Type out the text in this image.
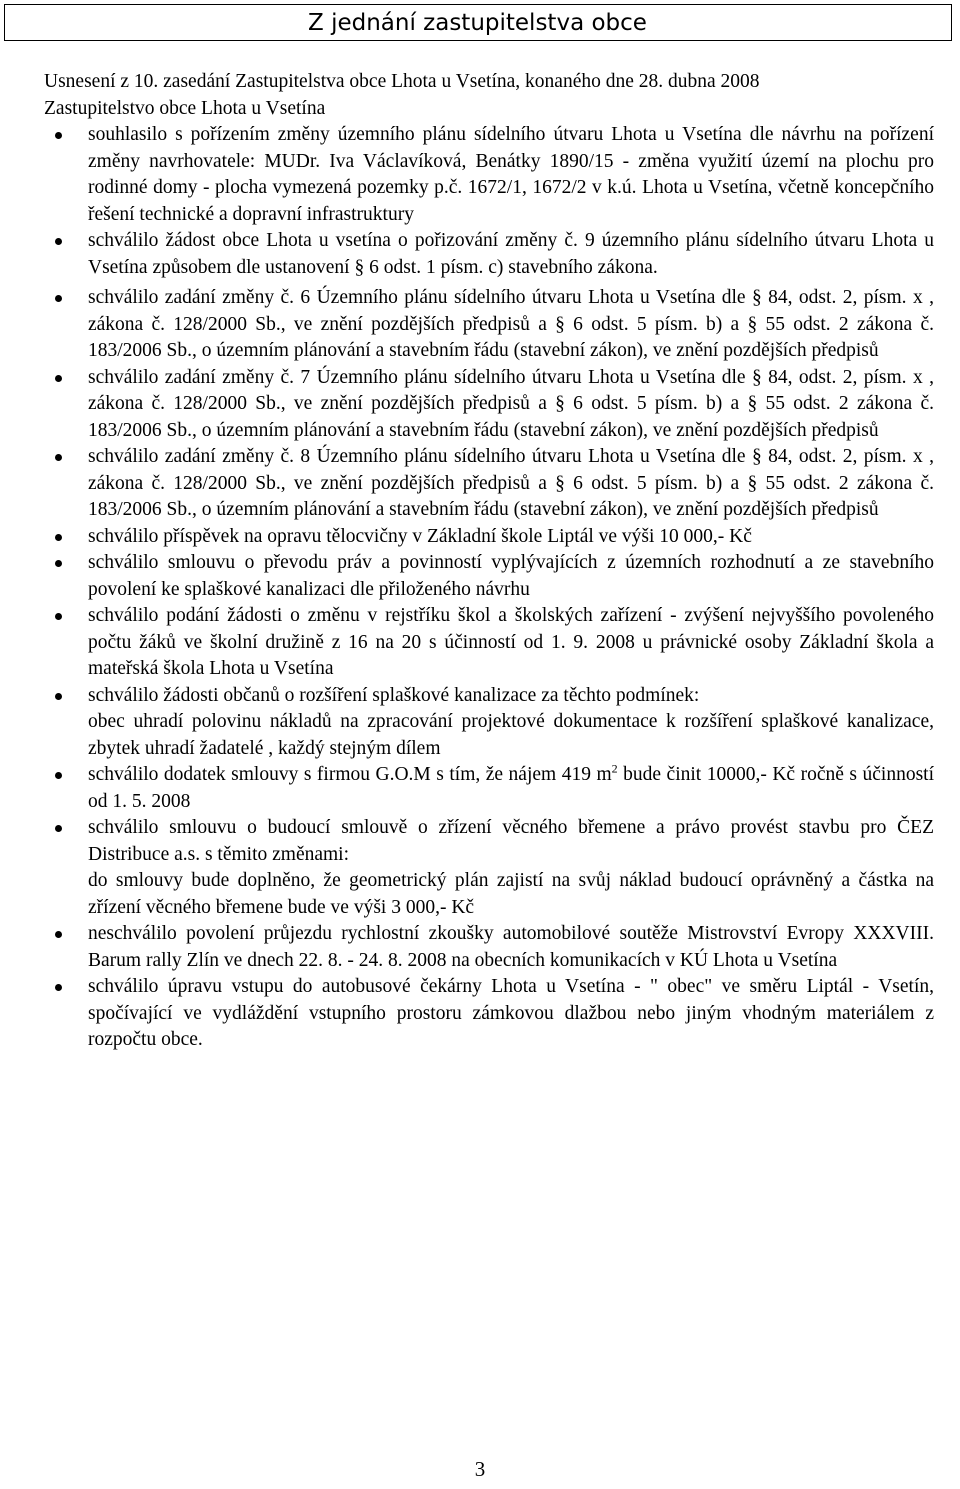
Z jednání zastupitelstva obce
Usnesení z 10. zasedání Zastupitelstva obce Lhota u Vsetína, konaného dne 28. dubna 2008
Zastupitelstvo obce Lhota u Vsetína
souhlasilo s pořízením změny územního plánu sídelního útvaru Lhota u Vsetína dle návrhu na pořízení změny navrhovatele: MUDr. Iva Václavíková, Benátky 1890/15 - změna využití území na plochu pro rodinné domy - plocha vymezená pozemky p.č. 1672/1, 1672/2 v k.ú. Lhota u Vsetína, včetně koncepčního řešení technické a dopravní infrastruktury
schválilo žádost obce Lhota u vsetína o pořizování změny č. 9 územního plánu sídelního útvaru Lhota u Vsetína způsobem dle ustanovení § 6 odst. 1 písm. c) stavebního zákona.
schválilo zadání změny č. 6 Územního plánu sídelního útvaru Lhota u Vsetína dle § 84, odst. 2, písm. x , zákona č. 128/2000 Sb., ve znění pozdějších předpisů a § 6 odst. 5 písm. b) a § 55 odst. 2 zákona č. 183/2006 Sb., o územním plánování a stavebním řádu (stavební zákon), ve znění pozdějších předpisů
schválilo zadání změny č. 7 Územního plánu sídelního útvaru Lhota u Vsetína dle § 84, odst. 2, písm. x , zákona č. 128/2000 Sb., ve znění pozdějších předpisů a § 6 odst. 5 písm. b) a § 55 odst. 2 zákona č. 183/2006 Sb., o územním plánování a stavebním řádu (stavební zákon), ve znění pozdějších předpisů
schválilo zadání změny č. 8 Územního plánu sídelního útvaru Lhota u Vsetína dle § 84, odst. 2, písm. x , zákona č. 128/2000 Sb., ve znění pozdějších předpisů a § 6 odst. 5 písm. b) a § 55 odst. 2 zákona č. 183/2006 Sb., o územním plánování a stavebním řádu (stavební zákon), ve znění pozdějších předpisů
schválilo příspěvek na opravu tělocvičny v Základní škole Liptál ve výši 10 000,- Kč
schválilo smlouvu o převodu práv a povinností vyplývajících z územních rozhodnutí a ze stavebního povolení ke splaškové kanalizaci dle přiloženého návrhu
schválilo podání žádosti o změnu v rejstříku škol a školských zařízení - zvýšení nejvyššího povoleného počtu žáků ve školní družině z 16 na 20 s účinností od 1. 9. 2008 u právnické osoby Základní škola a mateřská škola Lhota u Vsetína
schválilo žádosti občanů o rozšíření splaškové kanalizace za těchto podmínek:
obec uhradí polovinu nákladů na zpracování projektové dokumentace k rozšíření splaškové kanalizace, zbytek uhradí žadatelé , každý stejným dílem
schválilo dodatek smlouvy s firmou G.O.M s tím, že nájem 419 $m^2$ bude činit 10000,- Kč ročně s účinností od 1. 5. 2008
schválilo smlouvu o budoucí smlouvě o zřízení věcného břemene a právo provést stavbu pro ČEZ Distribuce a.s. s těmito změnami:
do smlouvy bude doplněno, že geometrický plán zajistí na svůj náklad budoucí oprávněný a částka na zřízení věcného břemene bude ve výši 3 000,- Kč
neschválilo povolení průjezdu rychlostní zkoušky automobilové soutěže Mistrovství Evropy XXXVIII. Barum rally Zlín ve dnech 22. 8. - 24. 8. 2008 na obecních komunikacích v KÚ Lhota u Vsetína
schválilo úpravu vstupu do autobusové čekárny Lhota u Vsetína - " obec" ve směru Liptál - Vsetín, spočívající ve vydláždění vstupního prostoru zámkovou dlažbou nebo jiným vhodným materiálem z rozpočtu obce.
3
